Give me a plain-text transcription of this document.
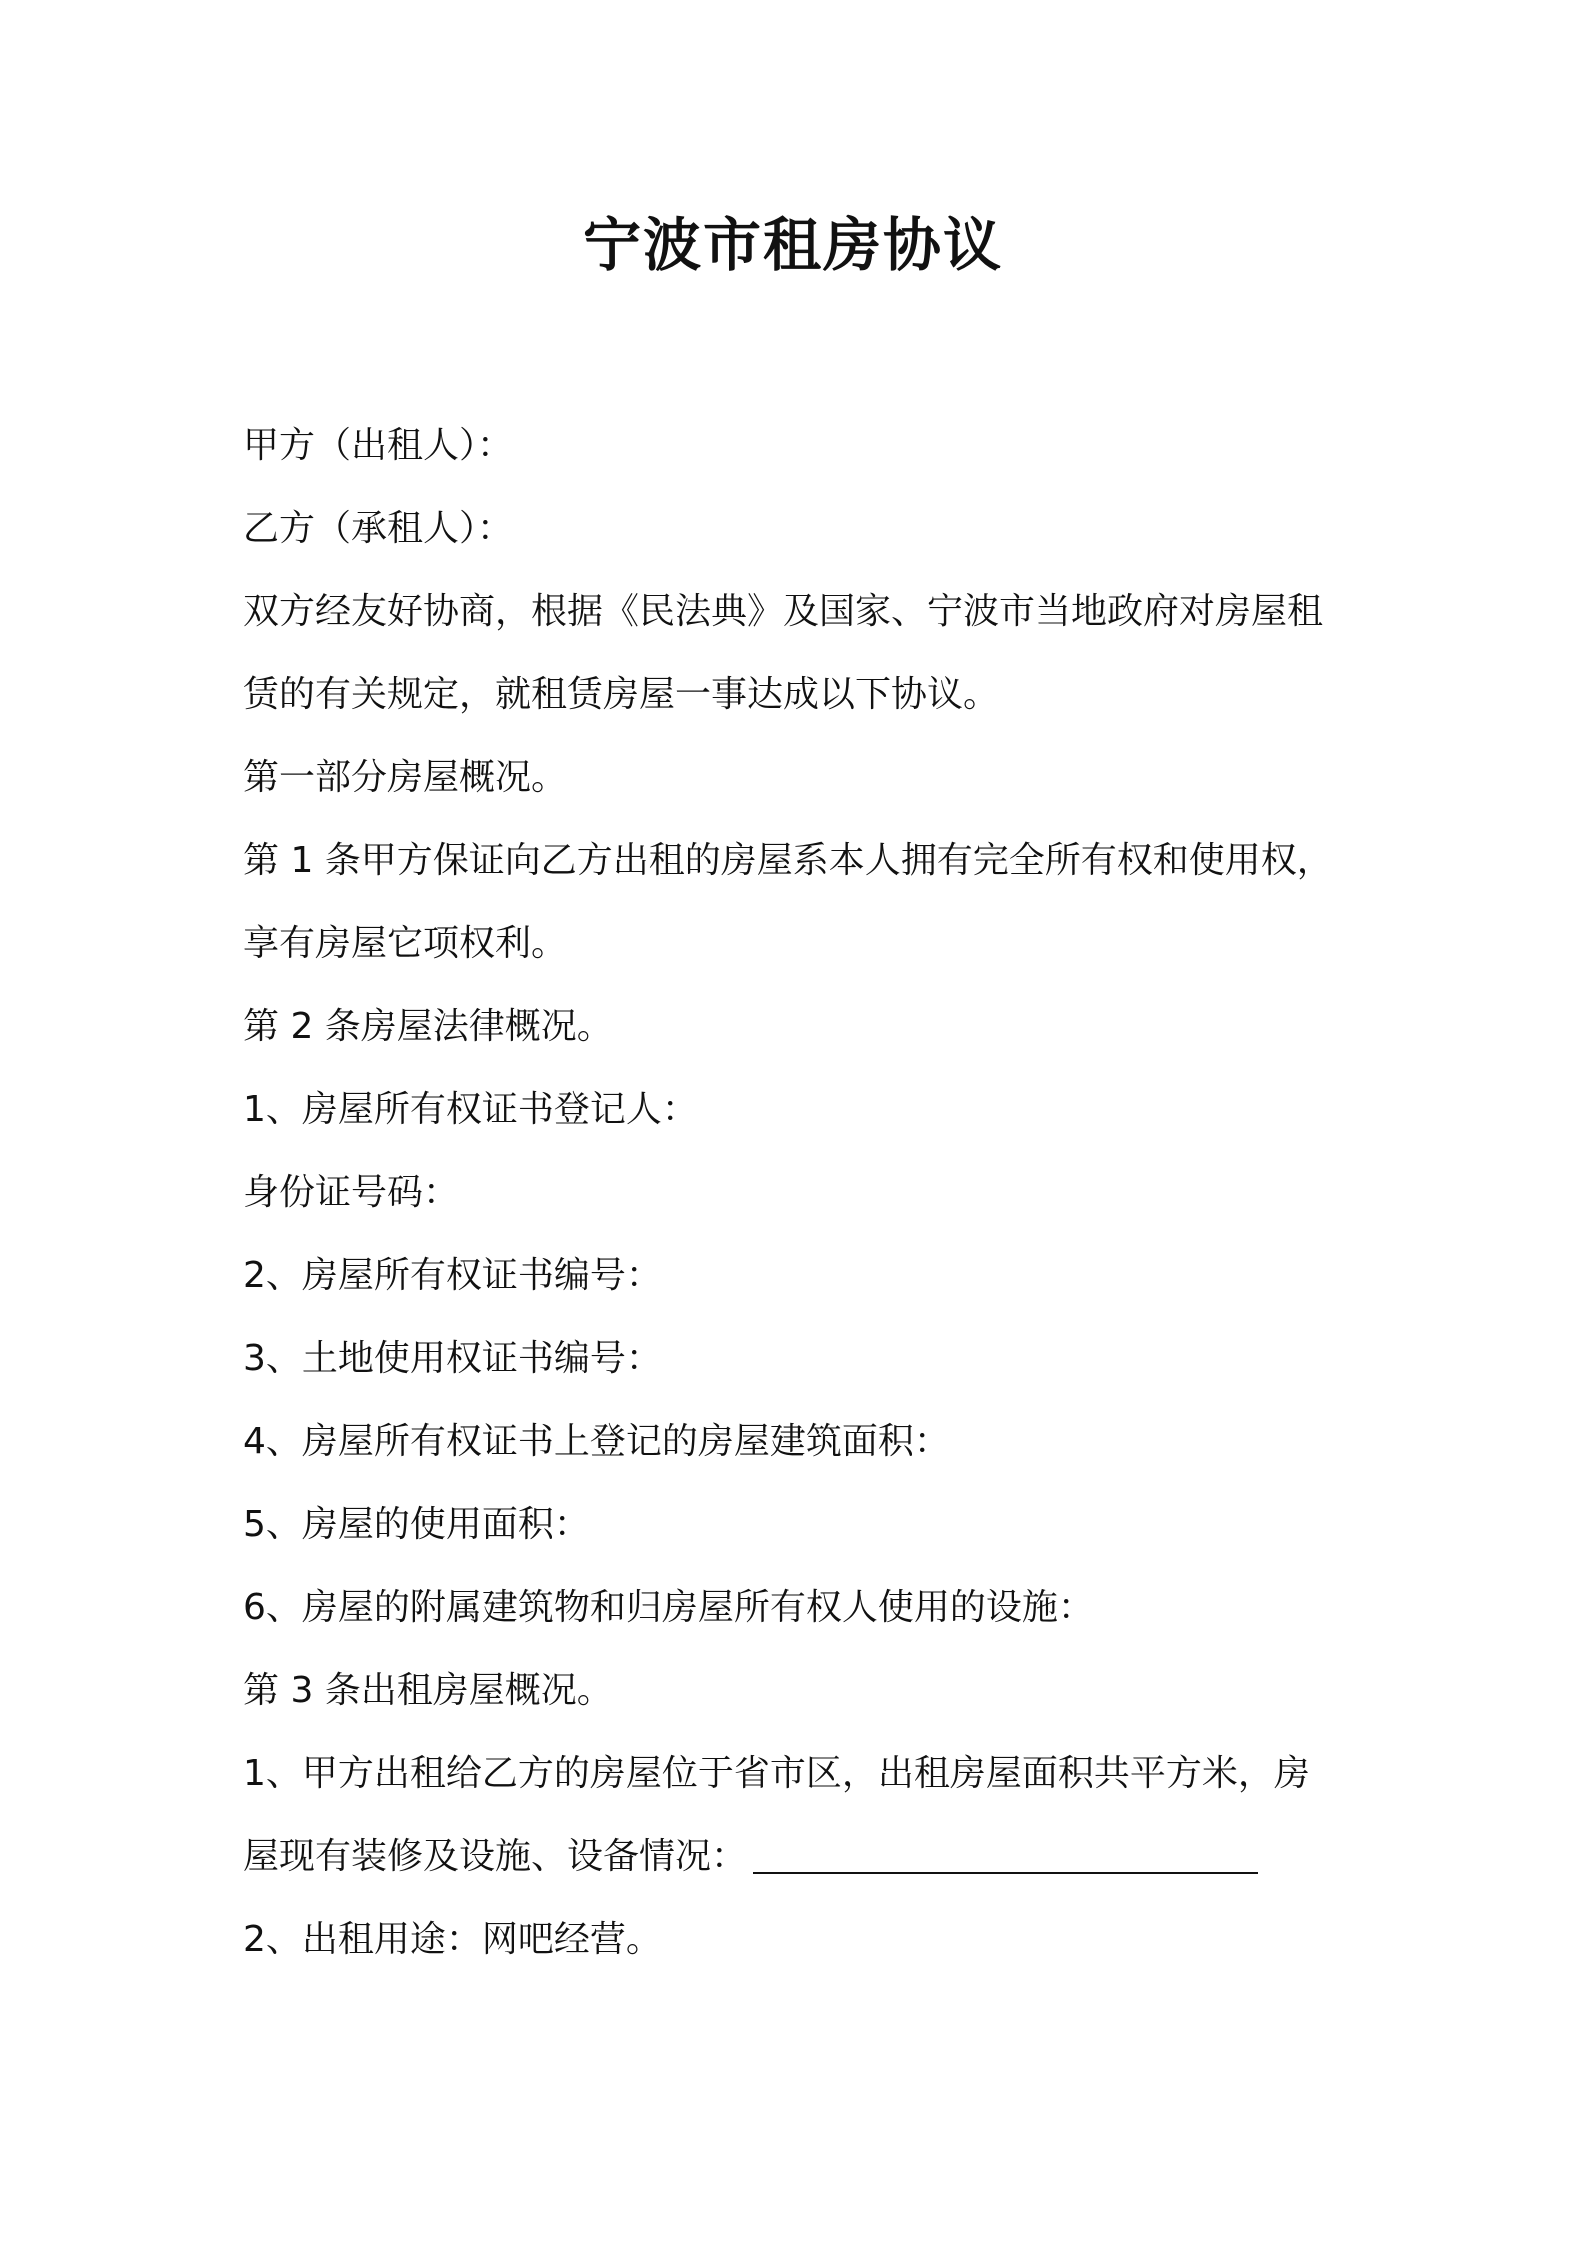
宁波市租房协议
甲方（出租人）：
乙方（承租人）：
双方经友好协商，根据《民法典》及国家、宁波市当地政府对房屋租
赁的有关规定，就租赁房屋一事达成以下协议。
第一部分房屋概况。
第 1 条甲方保证向乙方出租的房屋系本人拥有完全所有权和使用权，
享有房屋它项权利。
第 2 条房屋法律概况。
1、房屋所有权证书登记人：
身份证号码：
2、房屋所有权证书编号：
3、土地使用权证书编号：
4、房屋所有权证书上登记的房屋建筑面积：
5、房屋的使用面积：
6、房屋的附属建筑物和归房屋所有权人使用的设施：
第 3 条出租房屋概况。
1、甲方出租给乙方的房屋位于省市区，出租房屋面积共平方米，房
屋现有装修及设施、设备情况：
2、出租用途：网吧经营。
